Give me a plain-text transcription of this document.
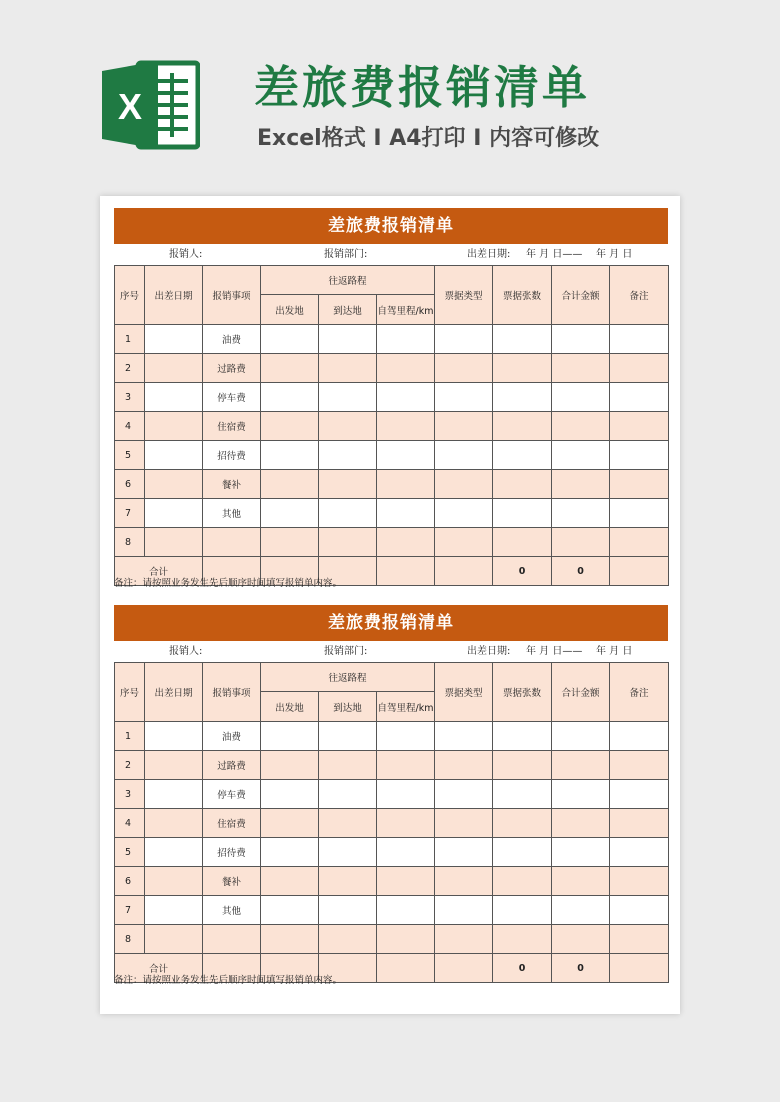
X 差旅费报销清单
Excel格式 I A4打印 I 内容可修改
差旅费报销清单
报销人:	报销部门:	出差日期: 年 月 日—— 年 月 日
序号	出差日期	报销事项	往返路程			票据类型	票据张数	合计金额	备注
			出发地	到达地	自驾里程/km				
1		油费							
2		过路费							
3		停车费							
4		住宿费							
5		招待费							
6		餐补							
7		其他							
8									
合计							0	0	
备注：请按照业务发生先后顺序时间填写报销单内容。
差旅费报销清单
报销人:	报销部门:	出差日期: 年 月 日—— 年 月 日
序号	出差日期	报销事项	往返路程			票据类型	票据张数	合计金额	备注
			出发地	到达地	自驾里程/km				
1		油费							
2		过路费							
3		停车费							
4		住宿费							
5		招待费							
6		餐补							
7		其他							
8									
合计							0	0	
备注：请按照业务发生先后顺序时间填写报销单内容。
